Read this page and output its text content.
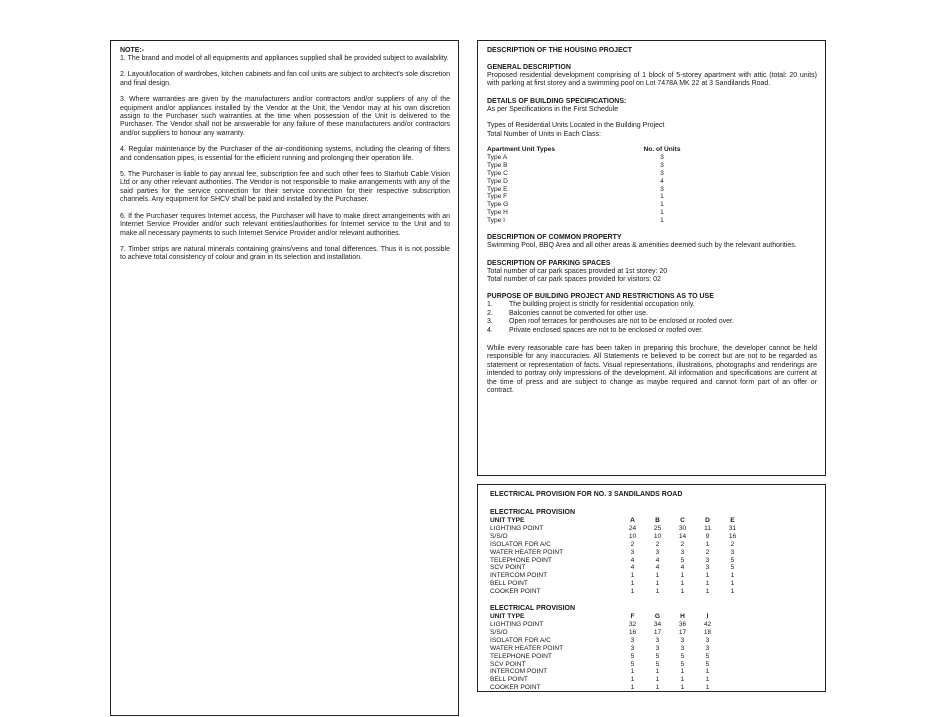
NOTE:-

1. The brand and model of all equipments and appliances supplied shall be provided subject to availability.

2. Layout/location of wardrobes, kitchen cabinets and fan coil units are subject to architect's sole discretion and final design.

3. Where warranties are given by the manufacturers and/or contractors and/or suppliers of any of the equipment and/or appliances installed by the Vendor at the Unit, the Vendor may at his own discretion assign to the Purchaser such warranties at the time when possession of the Unit is delivered to the Purchaser. The Vendor shall not be answerable for any failure of these manufacturers and/or contractors and/or suppliers to honour any warranty.

4. Regular maintenance by the Purchaser of the air-conditioning systems, including the clearing of filters and condensation pipes, is essential for the efficient running and prolonging their operation life.

5. The Purchaser is liable to pay annual fee, subscription fee and such other fees to Starhub Cable Vision Ltd or any other relevant authorities. The Vendor is not responsible to make arrangements with any of the said parties for the service connection for their service connection for their respective subscription channels. Any equipment for SHCV shall be paid and installed by the Purchaser.

6. If the Purchaser requires Internet access, the Purchaser will have to make direct arrangements with an Internet Service Provider and/or such relevant entities/authorities for Internet service to the Unit and to make all necessary payments to such Internet Service Provider and/or relevant authorities.

7. Timber strips are natural minerals containing grains/veins and tonal differences. Thus it is not possible to achieve total consistency of colour and grain in its selection and installation.

DESCRIPTION OF THE HOUSING PROJECT
GENERAL DESCRIPTION

Proposed residential development comprising of 1 block of 5-storey apartment with attic (total: 20 units) with parking at first storey and a swimming pool on Lot 7478A MK 22 at 3 Sandilands Road.

DETAILS OF BUILDING SPECIFICATIONS:

As per Specifications in the First Schedule

Types of Residential Units Located in the Building Project

Total Number of Units in Each Class:

Apartment Unit Types	No. of Units
Type A	3
Type B	3
Type C	3
Type D	4
Type E	3
Type F	1
Type G	1
Type H	1
Type I	1
DESCRIPTION OF COMMON PROPERTY

Swimming Pool, BBQ Area and all other areas & amenities deemed such by the relevant authorities.

DESCRIPTION OF PARKING SPACES

Total number of car park spaces provided at 1st storey: 20

Total number of car park spaces provided for visitors: 02

PURPOSE OF BUILDING PROJECT AND RESTRICTIONS AS TO USE
1.	The building project is strictly for residential occupation only.
2.	Balconies cannot be converted for other use.
3.	Open roof terraces for penthouses are not to be enclosed or roofed over.
4.	Private enclosed spaces are not to be enclosed or roofed over.

While every reasonable care has been taken in preparing this brochure, the developer cannot be held responsible for any inaccuracies. All Statements re believed to be correct but are not to be regarded as statement or representation of facts. Visual representations, illustrations, photographs and renderings are intended to portray only impressions of the development. All information and specifications are current at the time of press and are subject to change as maybe required and cannot form part of an offer or contract.

ELECTRICAL PROVISION FOR NO. 3 SANDILANDS ROAD
ELECTRICAL PROVISION
UNIT TYPE	A	B	C	D	E
LIGHTING POINT	24	25	30	11	31
S/S/O	10	10	14	9	16
ISOLATOR FOR A/C	2	2	2	1	2
WATER HEATER POINT	3	3	3	2	3
TELEPHONE POINT	4	4	5	3	5
SCV POINT	4	4	4	3	5
INTERCOM POINT	1	1	1	1	1
BELL POINT	1	1	1	1	1
COOKER POINT	1	1	1	1	1
ELECTRICAL PROVISION
UNIT TYPE	F	G	H	I
LIGHTING POINT	32	34	36	42
S/S/O	16	17	17	18
ISOLATOR FOR A/C	3	3	3	3
WATER HEATER POINT	3	3	3	3
TELEPHONE POINT	5	5	5	5
SCV POINT	5	5	5	5
INTERCOM POINT	1	1	1	1
BELL POINT	1	1	1	1
COOKER POINT	1	1	1	1
